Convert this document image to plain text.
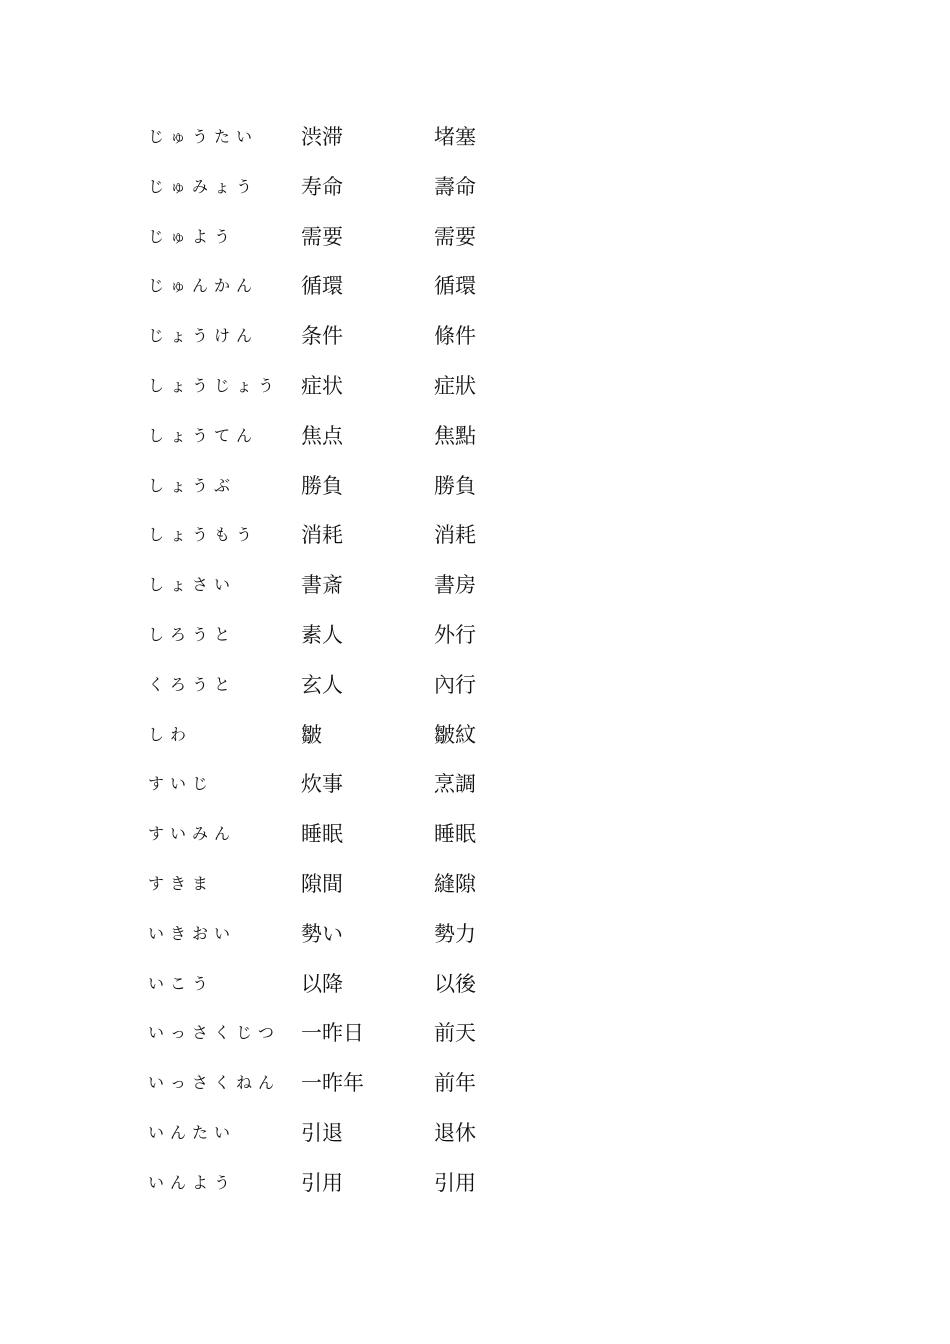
じゅうたい 渋滞	堵塞
じゅみょう 寿命	壽命
じゅよう	需要	需要
じゅんかん 循環	循環
じょうけん 条件	條件
しょうじょう 症状	症狀
しょうてん 焦点	焦點
しょうぶ	勝負	勝負
しょうもう 消耗	消耗
しょさい	書斎	書房
しろうと	素人	外行
くろうと	玄人	內行
しわ	皺	皺紋
すいじ	炊事	烹調
すいみん	睡眠	睡眠
すきま	隙間	縫隙
いきおい	勢い	勢力
いこう	以降	以後
いっさくじつ 一昨日	前天
いっさくねん 一昨年	前年
いんたい	引退	退休
いんよう	引用	引用
